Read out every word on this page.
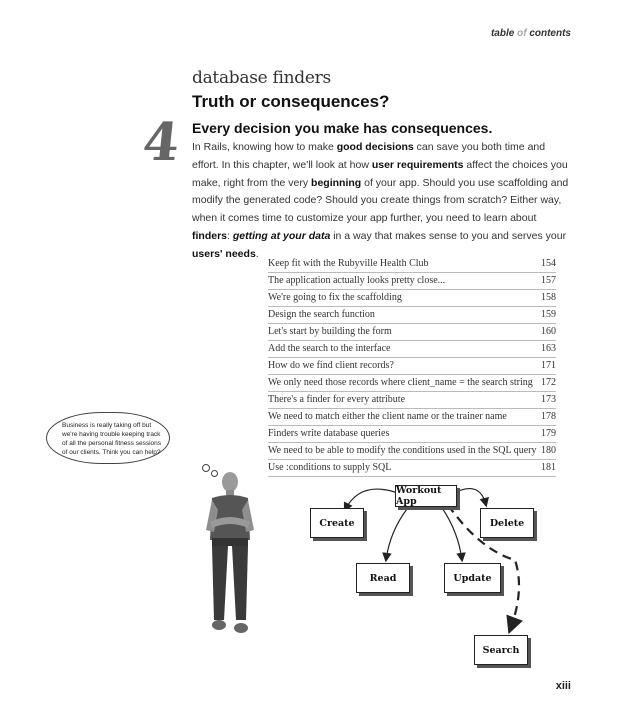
table of contents
4
database finders
Truth or consequences?
Every decision you make has consequences.
In Rails, knowing how to make good decisions can save you both time and effort. In this chapter, we'll look at how user requirements affect the choices you make, right from the very beginning of your app. Should you use scaffolding and modify the generated code? Should you create things from scratch? Either way, when it comes time to customize your app further, you need to learn about finders: getting at your data in a way that makes sense to you and serves your users' needs.
Keep fit with the Rubyville Health Club	154
The application actually looks pretty close...	157
We're going to fix the scaffolding	158
Design the search function	159
Let's start by building the form	160
Add the search to the interface	163
How do we find client records?	171
We only need those records where client_name = the search string 172
There's a finder for every attribute	173
We need to match either the client name or the trainer name	178
Finders write database queries	179
We need to be able to modify the conditions used in the SQL query 180
Use :conditions to supply SQL	181
Business is really taking off but we're having trouble keeping track of all the personal fitness sessions of our clients. Think you can help?
Workout App
Create	Delete
Read	Update
Search
xiii
